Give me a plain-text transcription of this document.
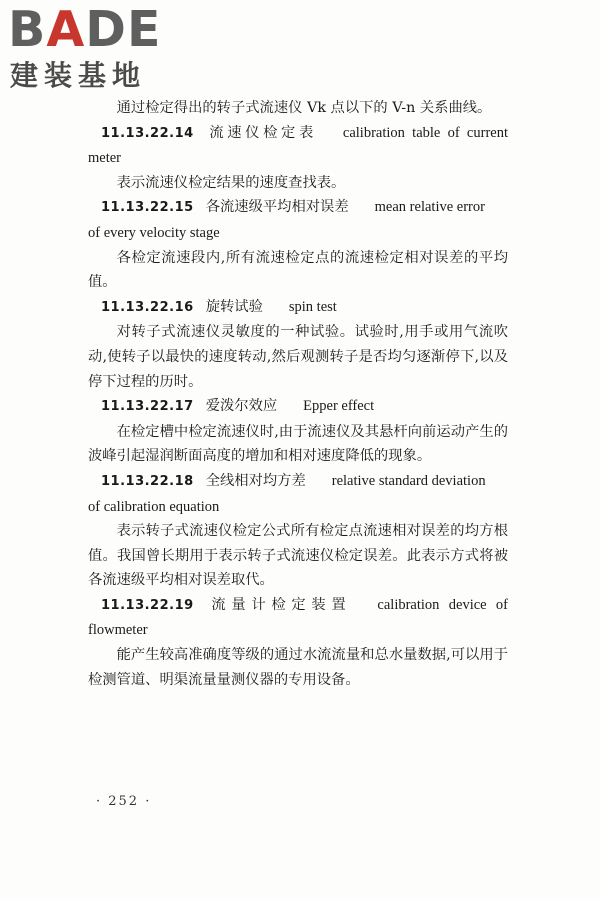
BADE
建装基地

通过检定得出的转子式流速仪 Vk 点以下的 V-n 关系曲线。

11.13.22.14 流速仪检定表 calibration table of current meter

表示流速仪检定结果的速度查找表。

11.13.22.15 各流速级平均相对误差 mean relative error

of every velocity stage

各检定流速段内,所有流速检定点的流速检定相对误差的平均值。

11.13.22.16 旋转试验 spin test

对转子式流速仪灵敏度的一种试验。试验时,用手或用气流吹动,使转子以最快的速度转动,然后观测转子是否均匀逐渐停下,以及停下过程的历时。

11.13.22.17 爱泼尔效应 Epper effect

在检定槽中检定流速仪时,由于流速仪及其悬杆向前运动产生的波峰引起湿润断面高度的增加和相对速度降低的现象。

11.13.22.18 全线相对均方差 relative standard deviation

of calibration equation

表示转子式流速仪检定公式所有检定点流速相对误差的均方根值。我国曾长期用于表示转子式流速仪检定误差。此表示方式将被各流速级平均相对误差取代。

11.13.22.19 流量计检定装置 calibration device of flowmeter

能产生较高准确度等级的通过水流流量和总水量数据,可以用于检测管道、明渠流量量测仪器的专用设备。

· 252 ·
